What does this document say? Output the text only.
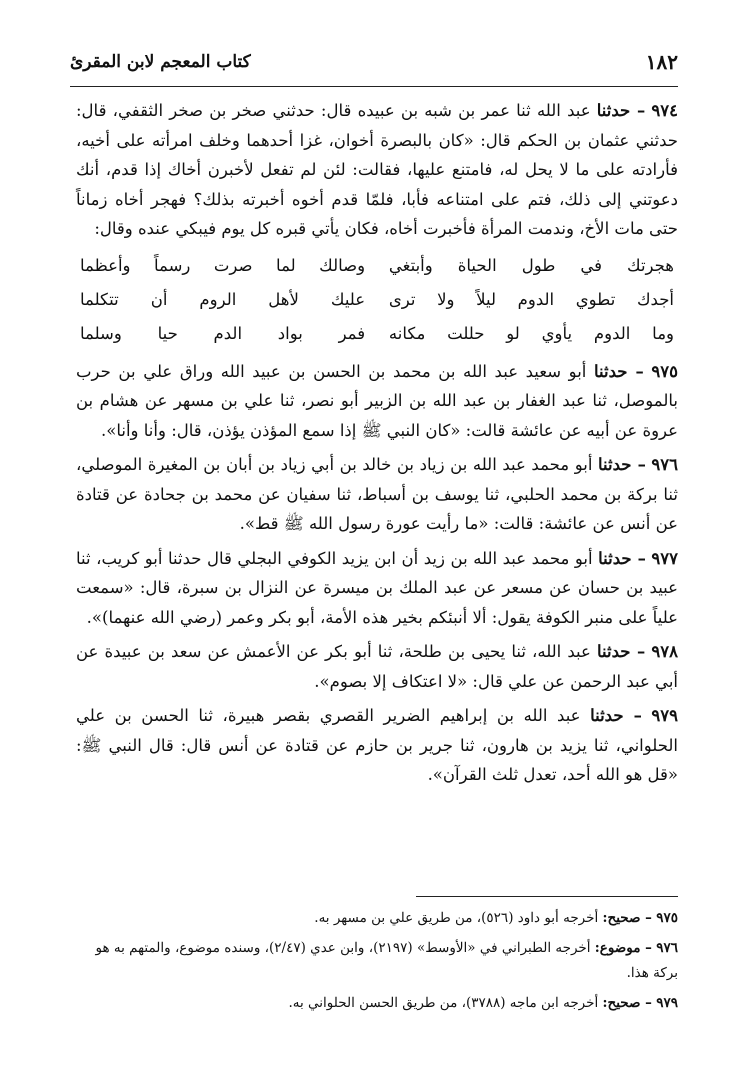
١٨٢
كتاب المعجم لابن المقرئ

٩٧٤ – حدثنا عبد الله ثنا عمر بن شبه بن عبيده قال: حدثني صخر بن صخر الثقفي، قال: حدثني عثمان بن الحكم قال: «كان بالبصرة أخوان، غزا أحدهما وخلف امرأته على أخيه، فأرادته على ما لا يحل له، فامتنع عليها، فقالت: لئن لم تفعل لأخبرن أخاك إذا قدم، أنك دعوتني إلى ذلك، فتم على امتناعه فأبا، فلمّا قدم أخوه أخبرته بذلك؟ فهجر أخاه زماناً حتى مات الأخ، وندمت المرأة فأخبرت أخاه، فكان يأتي قبره كل يوم فيبكي عنده وقال:

هجرتك في طول الحياة وأبتغي
وصالك لما صرت رسماً وأعظما
أجدك تطوي الدوم ليلاً ولا ترى
عليك لأهل الروم أن تتكلما
وما الدوم يأوي لو حللت مكانه
فمر بواد الدم حيا وسلما

٩٧٥ – حدثنا أبو سعيد عبد الله بن محمد بن الحسن بن عبيد الله وراق علي بن حرب بالموصل، ثنا عبد الغفار بن عبد الله بن الزبير أبو نصر، ثنا علي بن مسهر عن هشام بن عروة عن أبيه عن عائشة قالت: «كان النبي ﷺ إذا سمع المؤذن يؤذن، قال: وأنا وأنا».

٩٧٦ – حدثنا أبو محمد عبد الله بن زياد بن خالد بن أبي زياد بن أبان بن المغيرة الموصلي، ثنا بركة بن محمد الحلبي، ثنا يوسف بن أسباط، ثنا سفيان عن محمد بن جحادة عن قتادة عن أنس عن عائشة: قالت: «ما رأيت عورة رسول الله ﷺ قط».

٩٧٧ – حدثنا أبو محمد عبد الله بن زيد أن ابن يزيد الكوفي البجلي قال حدثنا أبو كريب، ثنا عبيد بن حسان عن مسعر عن عبد الملك بن ميسرة عن النزال بن سبرة، قال: «سمعت علياً على منبر الكوفة يقول: ألا أنبئكم بخير هذه الأمة، أبو بكر وعمر (رضي الله عنهما)».

٩٧٨ – حدثنا عبد الله، ثنا يحيى بن طلحة، ثنا أبو بكر عن الأعمش عن سعد بن عبيدة عن أبي عبد الرحمن عن علي قال: «لا اعتكاف إلا بصوم».

٩٧٩ – حدثنا عبد الله بن إبراهيم الضرير القصري بقصر هبيرة، ثنا الحسن بن علي الحلواني، ثنا يزيد بن هارون، ثنا جرير بن حازم عن قتادة عن أنس قال: قال النبي ﷺ: «قل هو الله أحد، تعدل ثلث القرآن».

٩٧٥ – صحيح: أخرجه أبو داود (٥٢٦)، من طريق علي بن مسهر به.

٩٧٦ – موضوع: أخرجه الطبراني في «الأوسط» (٢١٩٧)، وابن عدي (٢/٤٧)، وسنده موضوع، والمتهم به هو بركة هذا.

٩٧٩ – صحيح: أخرجه ابن ماجه (٣٧٨٨)، من طريق الحسن الحلواني به.
